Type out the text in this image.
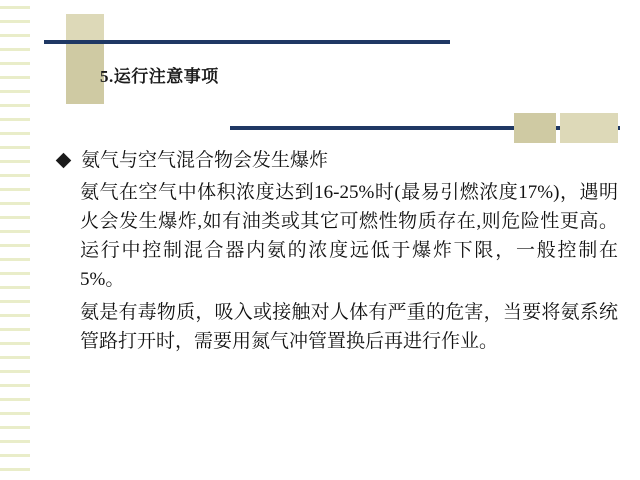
5.运行注意事项
氨气与空气混合物会发生爆炸
氨气在空气中体积浓度达到16-25%时(最易引燃浓度17%)，遇明火会发生爆炸,如有油类或其它可燃性物质存在,则危险性更高。运行中控制混合器内氨的浓度远低于爆炸下限，一般控制在5%。
氨是有毒物质，吸入或接触对人体有严重的危害，当要将氨系统管路打开时，需要用氮气冲管置换后再进行作业。
